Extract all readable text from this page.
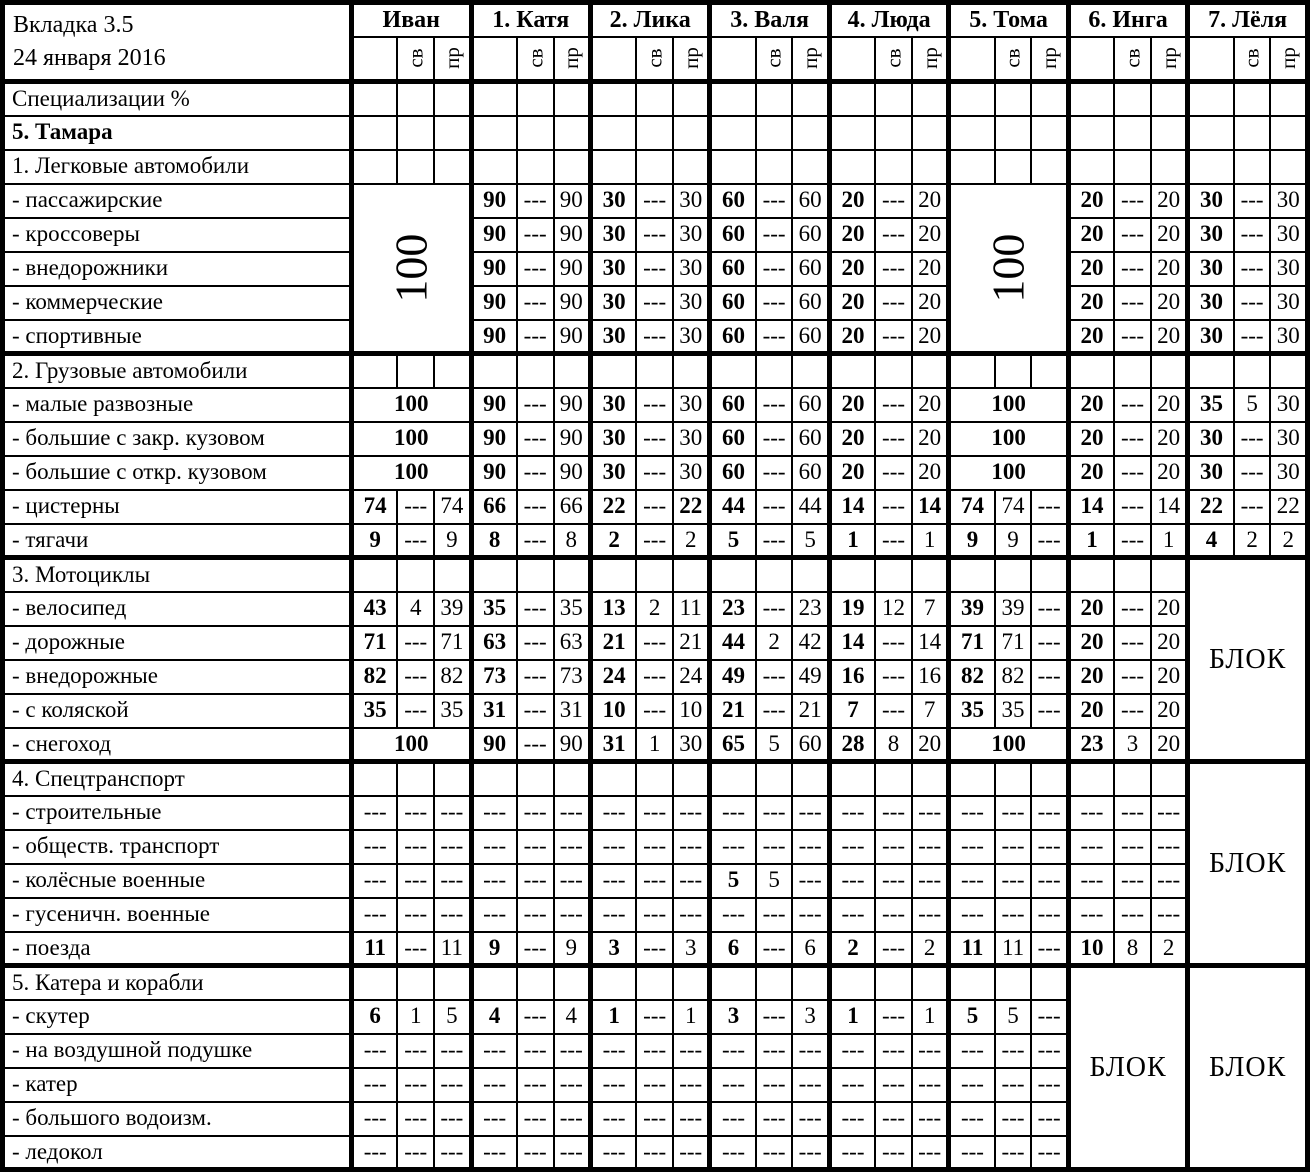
Вкладка 3.5
24 января 2016	Иван			1. Катя			2. Лика			3. Валя			4. Люда			5. Тома			6. Инга			7. Лёля		
		св	пр		св	пр		св	пр		св	пр		св	пр		св	пр		св	пр		св	пр
Специализации %																								
5. Тамара																								
1. Легковые автомобили																								
- пассажирские	100			90	---	90	30	---	30	60	---	60	20	---	20	100			20	---	20	30	---	30
- кроссоверы				90	---	90	30	---	30	60	---	60	20	---	20				20	---	20	30	---	30
- внедорожники				90	---	90	30	---	30	60	---	60	20	---	20				20	---	20	30	---	30
- коммерческие				90	---	90	30	---	30	60	---	60	20	---	20				20	---	20	30	---	30
- спортивные				90	---	90	30	---	30	60	---	60	20	---	20				20	---	20	30	---	30
2. Грузовые автомобили																								
- малые развозные	100			90	---	90	30	---	30	60	---	60	20	---	20	100			20	---	20	35	5	30
- большие с закр. кузовом	100			90	---	90	30	---	30	60	---	60	20	---	20	100			20	---	20	30	---	30
- большие с откр. кузовом	100			90	---	90	30	---	30	60	---	60	20	---	20	100			20	---	20	30	---	30
- цистерны	74	---	74	66	---	66	22	---	22	44	---	44	14	---	14	74	74	---	14	---	14	22	---	22
- тягачи	9	---	9	8	---	8	2	---	2	5	---	5	1	---	1	9	9	---	1	---	1	4	2	2
3. Мотоциклы																						БЛОК		
- велосипед	43	4	39	35	---	35	13	2	11	23	---	23	19	12	7	39	39	---	20	---	20			
- дорожные	71	---	71	63	---	63	21	---	21	44	2	42	14	---	14	71	71	---	20	---	20			
- внедорожные	82	---	82	73	---	73	24	---	24	49	---	49	16	---	16	82	82	---	20	---	20			
- с коляской	35	---	35	31	---	31	10	---	10	21	---	21	7	---	7	35	35	---	20	---	20			
- снегоход	100			90	---	90	31	1	30	65	5	60	28	8	20	100			23	3	20			
4. Спецтранспорт																						БЛОК		
- строительные	---	---	---	---	---	---	---	---	---	---	---	---	---	---	---	---	---	---	---	---	---			
- обществ. транспорт	---	---	---	---	---	---	---	---	---	---	---	---	---	---	---	---	---	---	---	---	---			
- колёсные военные	---	---	---	---	---	---	---	---	---	5	5	---	---	---	---	---	---	---	---	---	---			
- гусеничн. военные	---	---	---	---	---	---	---	---	---	---	---	---	---	---	---	---	---	---	---	---	---			
- поезда	11	---	11	9	---	9	3	---	3	6	---	6	2	---	2	11	11	---	10	8	2			
5. Катера и корабли																			БЛОК			БЛОК		
- скутер	6	1	5	4	---	4	1	---	1	3	---	3	1	---	1	5	5	---						
- на воздушной подушке	---	---	---	---	---	---	---	---	---	---	---	---	---	---	---	---	---	---						
- катер	---	---	---	---	---	---	---	---	---	---	---	---	---	---	---	---	---	---						
- большого водоизм.	---	---	---	---	---	---	---	---	---	---	---	---	---	---	---	---	---	---						
- ледокол	---	---	---	---	---	---	---	---	---	---	---	---	---	---	---	---	---	---						
